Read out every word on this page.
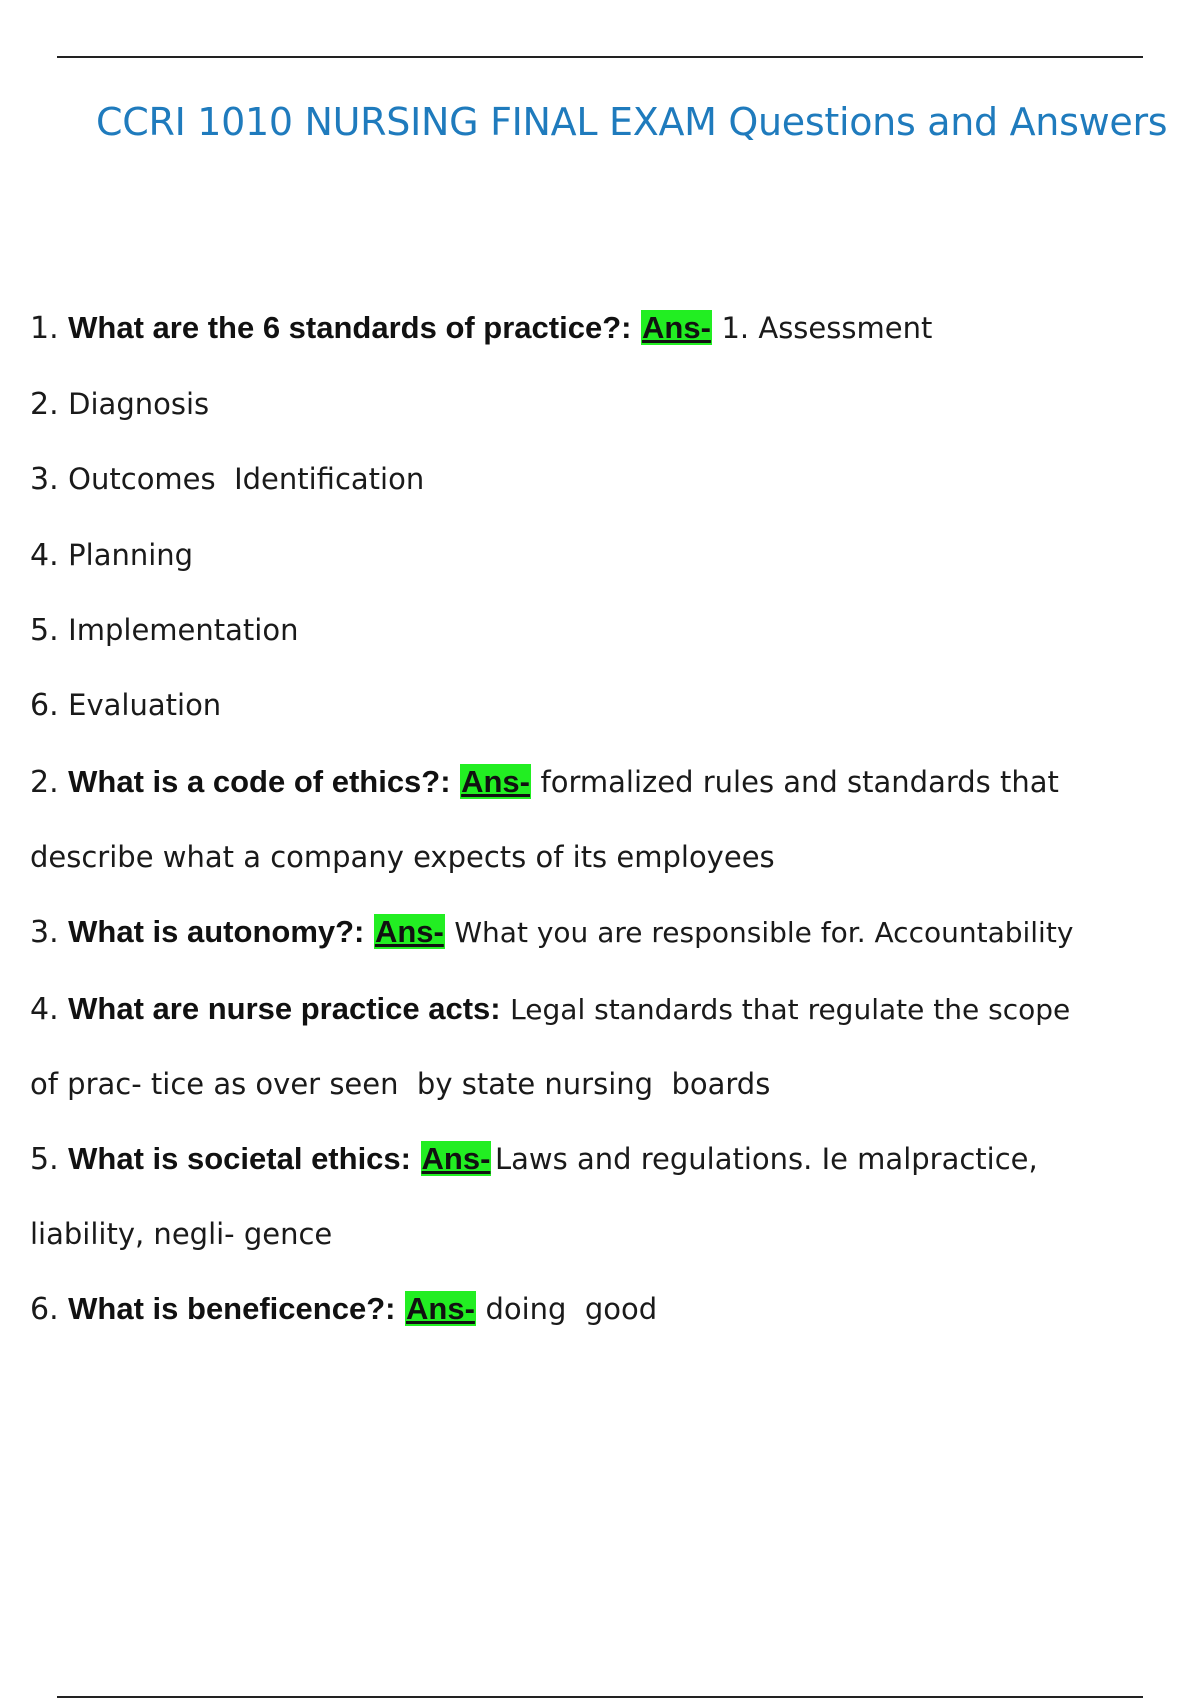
CCRI 1010 NURSING FINAL EXAM Questions and Answers
1. What are the 6 standards of practice?: Ans- 1. Assessment
2. Diagnosis
3. Outcomes  Identification
4. Planning
5. Implementation
6. Evaluation
2. What is a code of ethics?: Ans- formalized rules and standards that
describe what a company expects of its employees
3. What is autonomy?: Ans- What you are responsible for. Accountability
4. What are nurse practice acts: Legal standards that regulate the scope
of prac- tice as over seen  by state nursing  boards
5. What is societal ethics: Ans- Laws and regulations. Ie malpractice,
liability, negli- gence
6. What is beneficence?: Ans- doing  good
